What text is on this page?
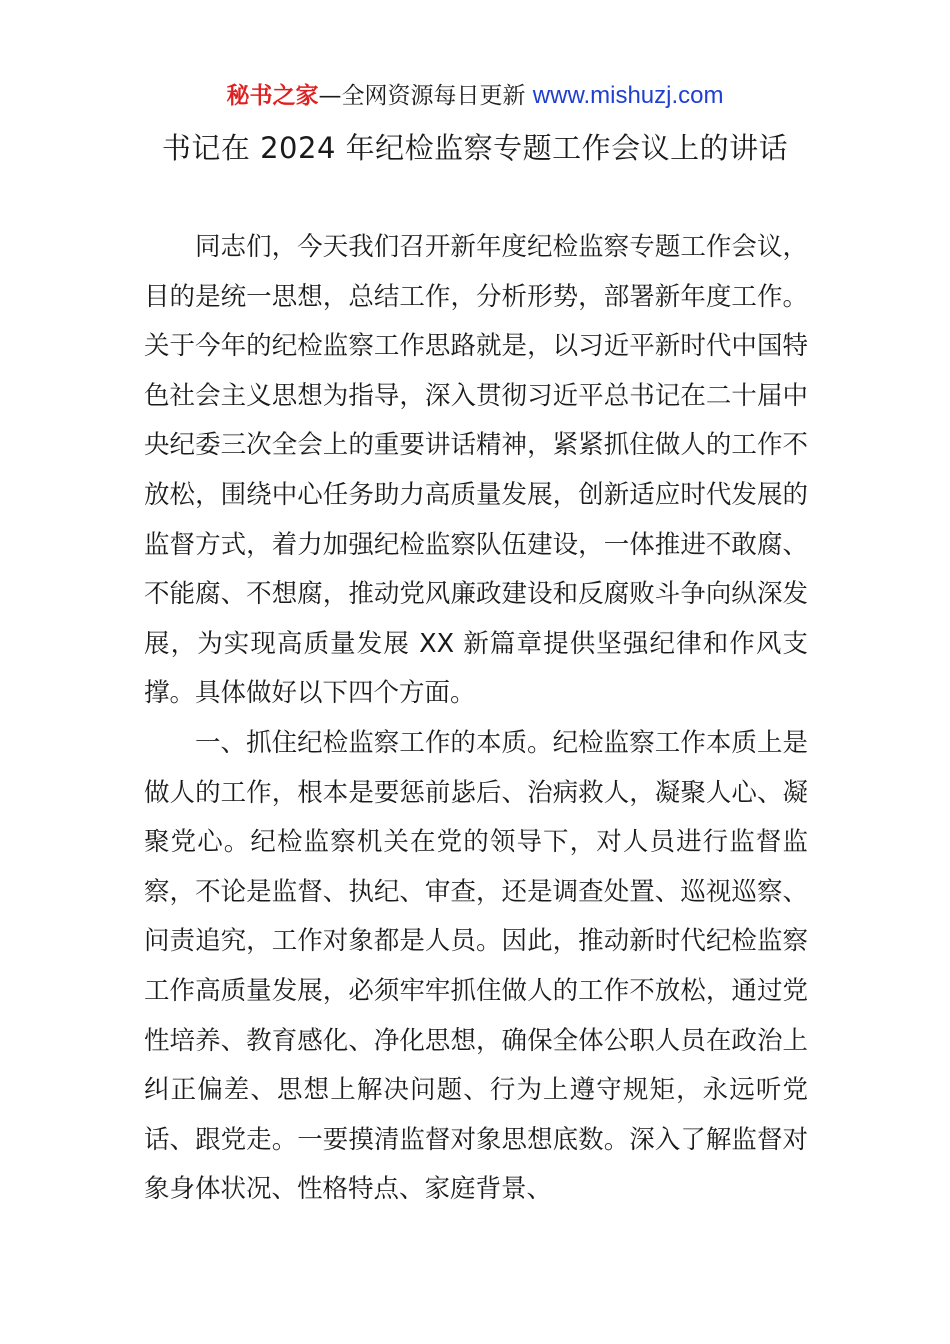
秘书之家—全网资源每日更新 www.mishuzj.com
书记在 2024 年纪检监察专题工作会议上的讲话

同志们，今天我们召开新年度纪检监察专题工作会议，目的是统一思想，总结工作，分析形势，部署新年度工作。关于今年的纪检监察工作思路就是，以习近平新时代中国特色社会主义思想为指导，深入贯彻习近平总书记在二十届中央纪委三次全会上的重要讲话精神，紧紧抓住做人的工作不放松，围绕中心任务助力高质量发展，创新适应时代发展的监督方式，着力加强纪检监察队伍建设，一体推进不敢腐、不能腐、不想腐，推动党风廉政建设和反腐败斗争向纵深发展，为实现高质量发展 XX 新篇章提供坚强纪律和作风支撑。具体做好以下四个方面。

一、抓住纪检监察工作的本质。纪检监察工作本质上是做人的工作，根本是要惩前毖后、治病救人，凝聚人心、凝聚党心。纪检监察机关在党的领导下，对人员进行监督监察，不论是监督、执纪、审查，还是调查处置、巡视巡察、问责追究，工作对象都是人员。因此，推动新时代纪检监察工作高质量发展，必须牢牢抓住做人的工作不放松，通过党性培养、教育感化、净化思想，确保全体公职人员在政治上纠正偏差、思想上解决问题、行为上遵守规矩，永远听党话、跟党走。一要摸清监督对象思想底数。深入了解监督对象身体状况、性格特点、家庭背景、
